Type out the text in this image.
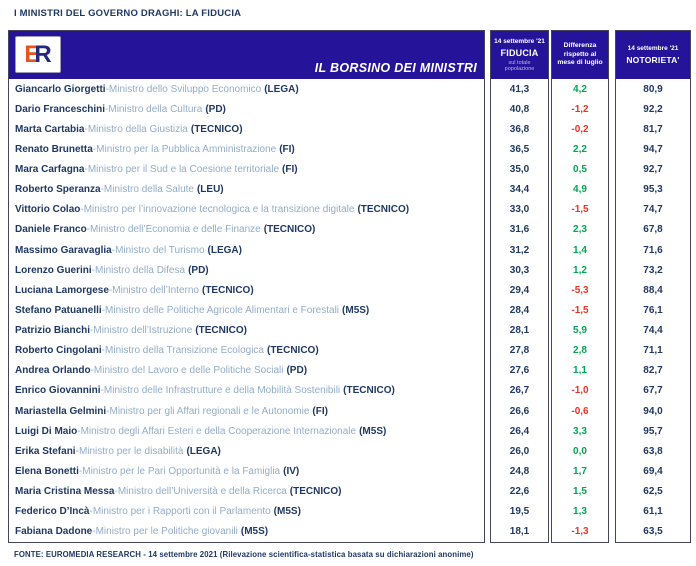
I MINISTRI DEL GOVERNO DRAGHI: LA FIDUCIA
E R
IL BORSINO DEI MINISTRI
Giancarlo Giorgetti - Ministro dello Sviluppo Economico (LEGA)
Dario Franceschini - Ministro della Cultura (PD)
Marta Cartabia - Ministro della Giustizia (TECNICO)
Renato Brunetta - Ministro per la Pubblica Amministrazione (FI)
Mara Carfagna - Ministro per il Sud e la Coesione territoriale (FI)
Roberto Speranza - Ministro della Salute (LEU)
Vittorio Colao - Ministro per l’innovazione tecnologica e la transizione digitale (TECNICO)
Daniele Franco - Ministro dell’Economia e delle Finanze (TECNICO)
Massimo Garavaglia - Ministro del Turismo (LEGA)
Lorenzo Guerini - Ministro della Difesa (PD)
Luciana Lamorgese - Ministro dell’Interno (TECNICO)
Stefano Patuanelli - Ministro delle Politiche Agricole Alimentari e Forestali (M5S)
Patrizio Bianchi - Ministro dell’Istruzione (TECNICO)
Roberto Cingolani - Ministro della Transizione Ecologica (TECNICO)
Andrea Orlando - Ministro del Lavoro e delle Politiche Sociali (PD)
Enrico Giovannini - Ministro delle Infrastrutture e della Mobilità Sostenibili (TECNICO)
Mariastella Gelmini - Ministro per gli Affari regionali e le Autonomie (FI)
Luigi Di Maio - Ministro degli Affari Esteri e della Cooperazione Internazionale (M5S)
Erika Stefani - Ministro per le disabilità (LEGA)
Elena Bonetti - Ministro per le Pari Opportunità e la Famiglia (IV)
Maria Cristina Messa - Ministro dell’Università e della Ricerca (TECNICO)
Federico D’Incà - Ministro per i Rapporti con il Parlamento (M5S)
Fabiana Dadone - Ministro per le Politiche giovanili (M5S)
14 settembre '21
FIDUCIA
sul totale popolazione
41,3
40,8
36,8
36,5
35,0
34,4
33,0
31,6
31,2
30,3
29,4
28,4
28,1
27,8
27,6
26,7
26,6
26,4
26,0
24,8
22,6
19,5
18,1
Differenza rispetto al mese di luglio
4,2
-1,2
-0,2
2,2
0,5
4,9
-1,5
2,3
1,4
1,2
-5,3
-1,5
5,9
2,8
1,1
-1,0
-0,6
3,3
0,0
1,7
1,5
1,3
-1,3
14 settembre '21
NOTORIETA'
80,9
92,2
81,7
94,7
92,7
95,3
74,7
67,8
71,6
73,2
88,4
76,1
74,4
71,1
82,7
67,7
94,0
95,7
63,8
69,4
62,5
61,1
63,5
FONTE: EUROMEDIA RESEARCH - 14 settembre 2021 (Rilevazione scientifica-statistica basata su dichiarazioni anonime)
